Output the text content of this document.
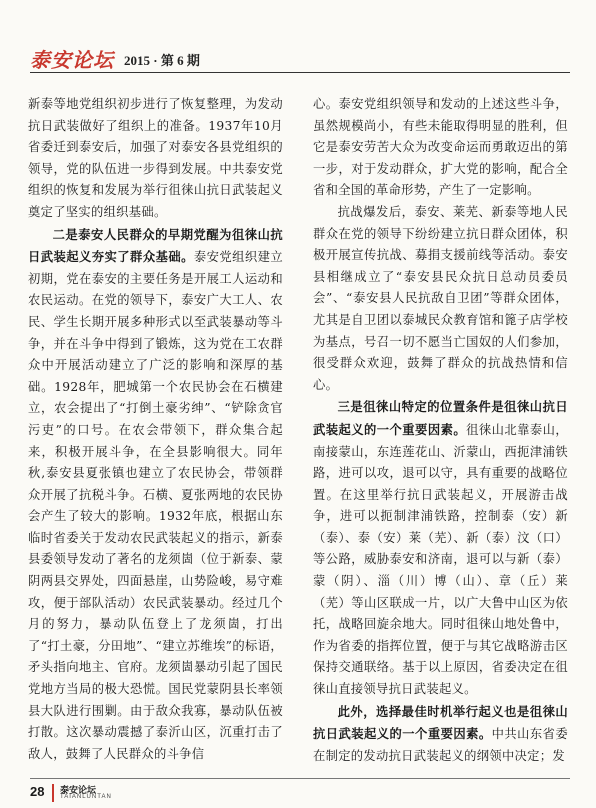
泰安论坛 2015 · 第 6 期

新泰等地党组织初步进行了恢复整理，为发动抗日武装做好了组织上的准备。1937年10月省委迁到泰安后，加强了对泰安各县党组织的领导，党的队伍进一步得到发展。中共泰安党组织的恢复和发展为举行徂徕山抗日武装起义奠定了坚实的组织基础。

二是泰安人民群众的早期党醒为徂徕山抗日武装起义夯实了群众基础。泰安党组织建立初期，党在泰安的主要任务是开展工人运动和农民运动。在党的领导下，泰安广大工人、农民、学生长期开展多种形式以至武装暴动等斗争，并在斗争中得到了锻炼，这为党在工农群众中开展活动建立了广泛的影响和深厚的基础。1928年，肥城第一个农民协会在石横建立，农会提出了“打倒土豪劣绅”、“铲除贪官污吏”的口号。在农会带领下，群众集合起来，积极开展斗争，在全县影响很大。同年秋,泰安县夏张镇也建立了农民协会，带领群众开展了抗税斗争。石横、夏张两地的农民协会产生了较大的影响。1932年底，根据山东临时省委关于发动农民武装起义的指示，新泰县委领导发动了著名的龙须崮（位于新泰、蒙阴两县交界处，四面悬崖，山势险峻，易守难攻，便于部队活动）农民武装暴动。经过几个月的努力，暴动队伍登上了龙须崮，打出了“打土豪，分田地”、“建立苏维埃”的标语，矛头指向地主、官府。龙须崮暴动引起了国民党地方当局的极大恐慌。国民党蒙阴县长率领县大队进行围剿。由于敌众我寡，暴动队伍被打散。这次暴动震撼了泰沂山区，沉重打击了敌人，鼓舞了人民群众的斗争信

心。泰安党组织领导和发动的上述这些斗争，虽然规模尚小，有些未能取得明显的胜利，但它是泰安劳苦大众为改变命运而勇敢迈出的第一步，对于发动群众，扩大党的影响，配合全省和全国的革命形势，产生了一定影响。

抗战爆发后，泰安、莱芜、新泰等地人民群众在党的领导下纷纷建立抗日群众团体，积极开展宣传抗战、募捐支援前线等活动。泰安县相继成立了“泰安县民众抗日总动员委员会”、“泰安县人民抗敌自卫团”等群众团体，尤其是自卫团以泰城民众教育馆和篦子店学校为基点，号召一切不愿当亡国奴的人们参加，很受群众欢迎，鼓舞了群众的抗战热情和信心。

三是徂徕山特定的位置条件是徂徕山抗日武装起义的一个重要因素。徂徕山北靠泰山，南接蒙山，东连莲花山、沂蒙山，西扼津浦铁路，进可以攻，退可以守，具有重要的战略位置。在这里举行抗日武装起义，开展游击战争，进可以扼制津浦铁路，控制泰（安）新（泰）、泰（安）莱（芜）、新（泰）汶（口）等公路，威胁泰安和济南，退可以与新（泰）蒙（阴）、淄（川）博（山）、章（丘）莱（芜）等山区联成一片，以广大鲁中山区为依托，战略回旋余地大。同时徂徕山地处鲁中，作为省委的指挥位置，便于与其它战略游击区保持交通联络。基于以上原因，省委决定在徂徕山直接领导抗日武装起义。

此外，选择最佳时机举行起义也是徂徕山抗日武装起义的一个重要因素。中共山东省委在制定的发动抗日武装起义的纲领中决定；发

28 泰安论坛
TAIANLUNTAN
